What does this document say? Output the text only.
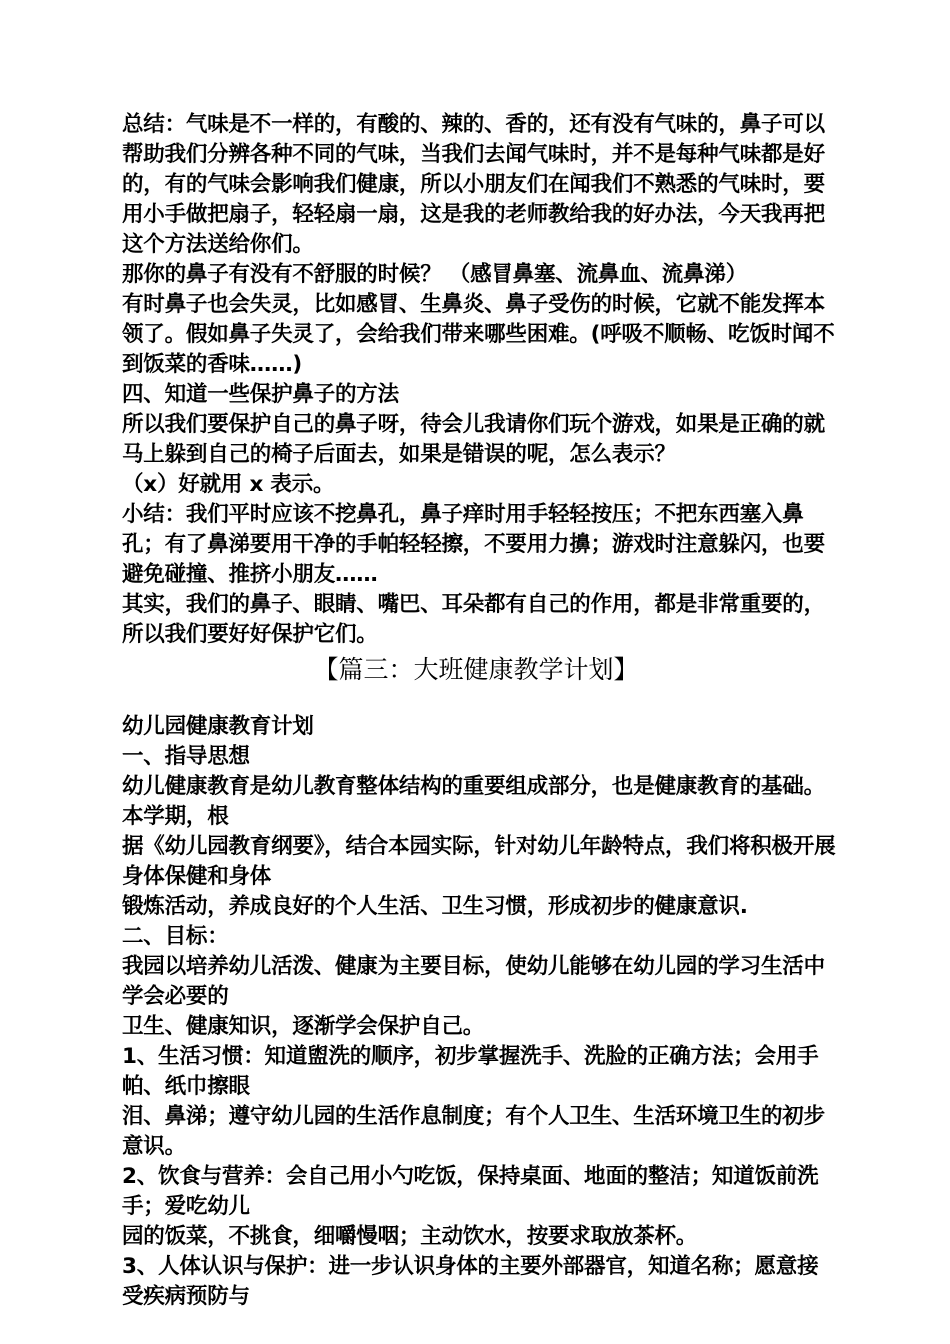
总结：气味是不一样的，有酸的、辣的、香的，还有没有气味的，鼻子可以帮助我们分辨各种不同的气味，当我们去闻气味时，并不是每种气味都是好的，有的气味会影响我们健康，所以小朋友们在闻我们不熟悉的气味时，要用小手做把扇子，轻轻扇一扇，这是我的老师教给我的好办法，今天我再把这个方法送给你们。

那你的鼻子有没有不舒服的时候？ （感冒鼻塞、流鼻血、流鼻涕）

有时鼻子也会失灵，比如感冒、生鼻炎、鼻子受伤的时候，它就不能发挥本领了。假如鼻子失灵了，会给我们带来哪些困难。(呼吸不顺畅、吃饭时闻不到饭菜的香味……)

四、知道一些保护鼻子的方法

所以我们要保护自己的鼻子呀，待会儿我请你们玩个游戏，如果是正确的就马上躲到自己的椅子后面去，如果是错误的呢，怎么表示？

（x）好就用 x 表示。

小结：我们平时应该不挖鼻孔，鼻子痒时用手轻轻按压；不把东西塞入鼻孔；有了鼻涕要用干净的手帕轻轻擦，不要用力擤；游戏时注意躲闪，也要避免碰撞、推挤小朋友……

其实，我们的鼻子、眼睛、嘴巴、耳朵都有自己的作用，都是非常重要的，所以我们要好好保护它们。

【篇三：大班健康教学计划】

幼儿园健康教育计划

一、指导思想

幼儿健康教育是幼儿教育整体结构的重要组成部分，也是健康教育的基础。本学期，根

据《幼儿园教育纲要》，结合本园实际，针对幼儿年龄特点，我们将积极开展身体保健和身体

锻炼活动，养成良好的个人生活、卫生习惯，形成初步的健康意识.

二、目标：

我园以培养幼儿活泼、健康为主要目标，使幼儿能够在幼儿园的学习生活中学会必要的

卫生、健康知识，逐渐学会保护自己。

1、生活习惯：知道盥洗的顺序，初步掌握洗手、洗脸的正确方法；会用手帕、纸巾擦眼

泪、鼻涕；遵守幼儿园的生活作息制度；有个人卫生、生活环境卫生的初步意识。

2、饮食与营养：会自己用小勺吃饭，保持桌面、地面的整洁；知道饭前洗手；爱吃幼儿

园的饭菜，不挑食，细嚼慢咽；主动饮水，按要求取放茶杯。

3、人体认识与保护：进一步认识身体的主要外部器官，知道名称；愿意接受疾病预防与
